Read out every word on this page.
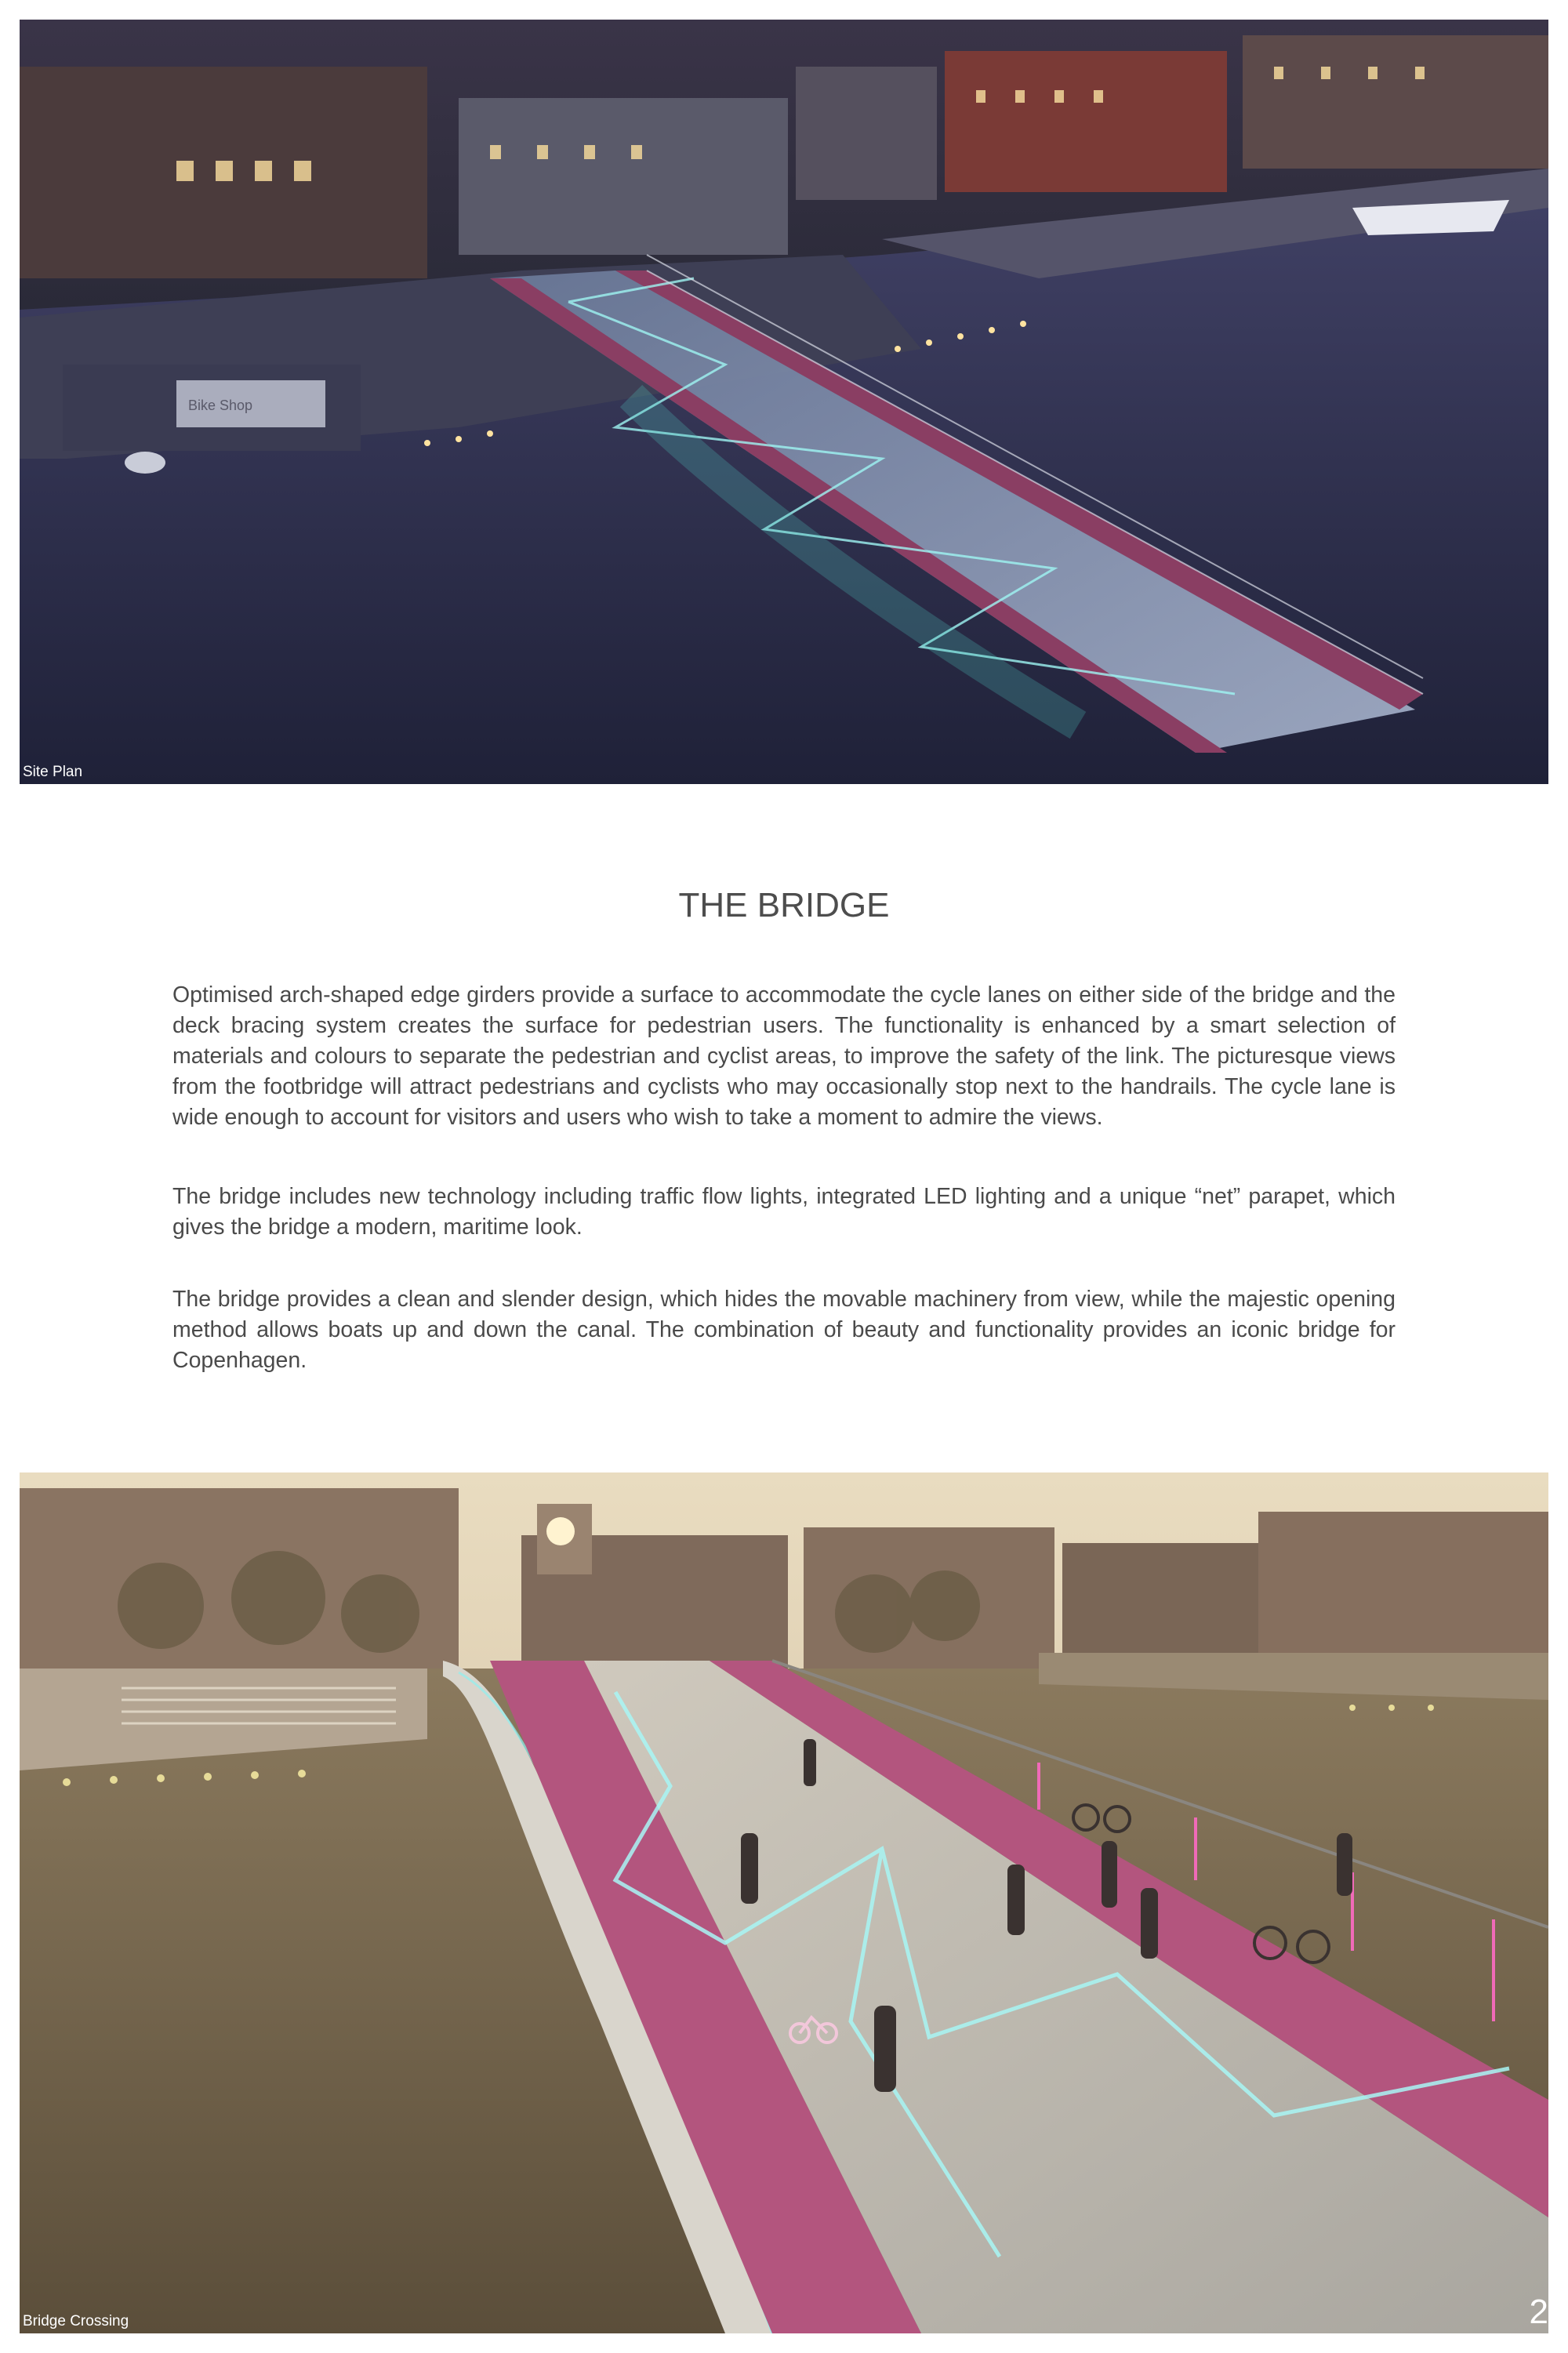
Bike Shop
Site Plan
THE BRIDGE
Optimised arch-shaped edge girders provide a surface to accommodate the cycle lanes on either side of the bridge and the deck bracing system creates the surface for pedestrian users. The functionality is enhanced by a smart selection of materials and colours to separate the pedestrian and cyclist areas, to improve the safety of the link. The picturesque views from the footbridge will attract pedestrians and cyclists who may occasionally stop next to the handrails. The cycle lane is wide enough to account for visitors and users who wish to take a moment to admire the views.
The bridge includes new technology including traffic flow lights, integrated LED lighting and a unique “net” parapet, which gives the bridge a modern, maritime look.
The bridge provides a clean and slender design, which hides the movable machinery from view, while the majestic opening method allows boats up and down the canal. The combination of beauty and functionality provides an iconic bridge for Copenhagen.
Bridge Crossing	2
